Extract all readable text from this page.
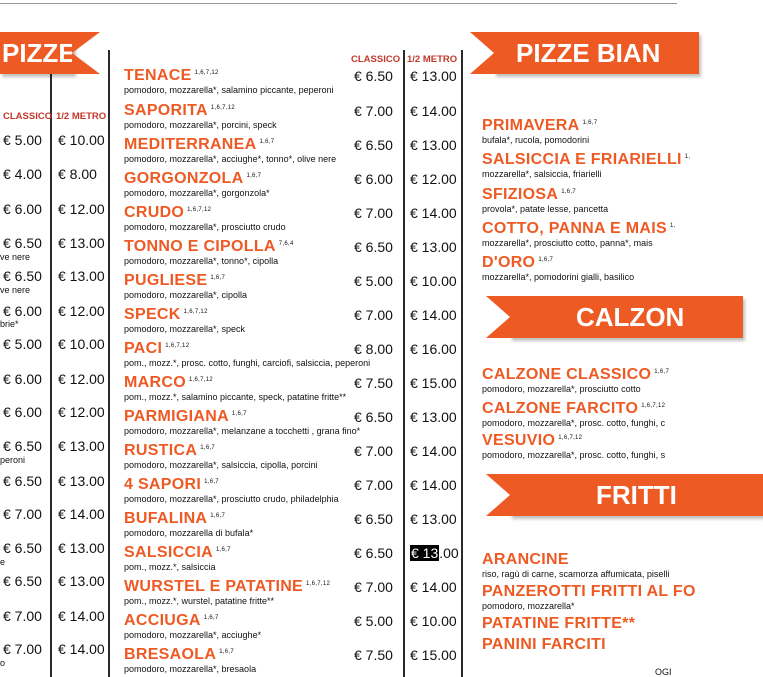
PIZZE	PIZZE BIAN
CALZON
FRITTI
CLASSICO 1/2 METRO
CLASSICO 1/2 METRO
€ 5.00 € 10.00
€ 4.00 € 8.00
€ 6.00 € 12.00
€ 6.50 € 13.00
ve nere
€ 6.50 € 13.00
ve nere
€ 6.00 € 12.00
brie*
€ 5.00 € 10.00
€ 6.00 € 12.00
€ 6.00 € 12.00
€ 6.50 € 13.00
peroni
€ 6.50 € 13.00
€ 7.00 € 14.00
€ 6.50 € 13.00
e
€ 6.50 € 13.00
€ 7.00 € 14.00
€ 7.00 € 14.00
o
TENACE $^{1,6,7,12}$
pomodoro, mozzarella*, salamino piccante, peperoni
€ 6.50 € 13.00
SAPORITA $^{1,6,7,12}$
pomodoro, mozzarella*, porcini, speck
€ 7.00 € 14.00
MEDITERRANEA $^{1,6,7}$
pomodoro, mozzarella*, acciughe*, tonno*, olive nere
€ 6.50 € 13.00
GORGONZOLA $^{1,6,7}$
pomodoro, mozzarella*, gorgonzola*
€ 6.00 € 12.00
CRUDO $^{1,6,7,12}$
pomodoro, mozzarella*, prosciutto crudo
€ 7.00 € 14.00
TONNO E CIPOLLA $^{7,6,4}$
pomodoro, mozzarella*, tonno*, cipolla
€ 6.50 € 13.00
PUGLIESE $^{1,6,7}$
pomodoro, mozzarella*, cipolla
€ 5.00 € 10.00
SPECK $^{1,6,7,12}$
pomodoro, mozzarella*, speck
€ 7.00 € 14.00
PACI $^{1,6,7,12}$
pom., mozz.*, prosc. cotto, funghi, carciofi, salsiccia, peperoni
€ 8.00 € 16.00
MARCO $^{1,6,7,12}$
pom., mozz.*, salamino piccante, speck, patatine fritte**
€ 7.50 € 15.00
PARMIGIANA $^{1,6,7}$
pomodoro, mozzarella*, melanzane a tocchetti , grana fino*
€ 6.50 € 13.00
RUSTICA $^{1,6,7}$
pomodoro, mozzarella*, salsiccia, cipolla, porcini
€ 7.00 € 14.00
4 SAPORI $^{1,6,7}$
pomodoro, mozzarella*, prosciutto crudo, philadelphia
€ 7.00 € 14.00
BUFALINA $^{1,6,7}$
pomodoro, mozzarella di bufala*
€ 6.50 € 13.00
SALSICCIA $^{1,6,7}$
pom., mozz.*, salsiccia
€ 6.50 € 13.00
WURSTEL E PATATINE $^{1,6,7,12}$
pom., mozz.*, wurstel, patatine fritte**
€ 7.00 € 14.00
ACCIUGA $^{1,6,7}$
pomodoro, mozzarella*, acciughe*
€ 5.00 € 10.00
BRESAOLA $^{1,6,7}$
pomodoro, mozzarella*, bresaola
€ 7.50 € 15.00
PRIMAVERA $^{1,6,7}$
bufala*, rucola, pomodorini
SALSICCIA E FRIARIELLI $^{1,}$
mozzarella*, salsiccia, friarielli
SFIZIOSA $^{1,6,7}$
provola*, patate lesse, pancetta
COTTO, PANNA E MAIS $^{1,}$
mozzarella*, prosciutto cotto, panna*, mais
D'ORO $^{1,6,7}$
mozzarella*, pomodorini gialli, basilico
CALZONE CLASSICO $^{1,6,7}$
pomodoro, mozzarella*, prosciutto cotto
CALZONE FARCITO $^{1,6,7,12}$
pomodoro, mozzarella*, prosc. cotto, funghi, c
VESUVIO $^{1,6,7,12}$
pomodoro, mozzarella*, prosc. cotto, funghi, s
ARANCINE
riso, ragù di carne, scamorza affumicata, piselli
PANZEROTTI FRITTI AL FO
pomodoro, mozzarella*
PATATINE FRITTE**
PANINI FARCITI
OGI
